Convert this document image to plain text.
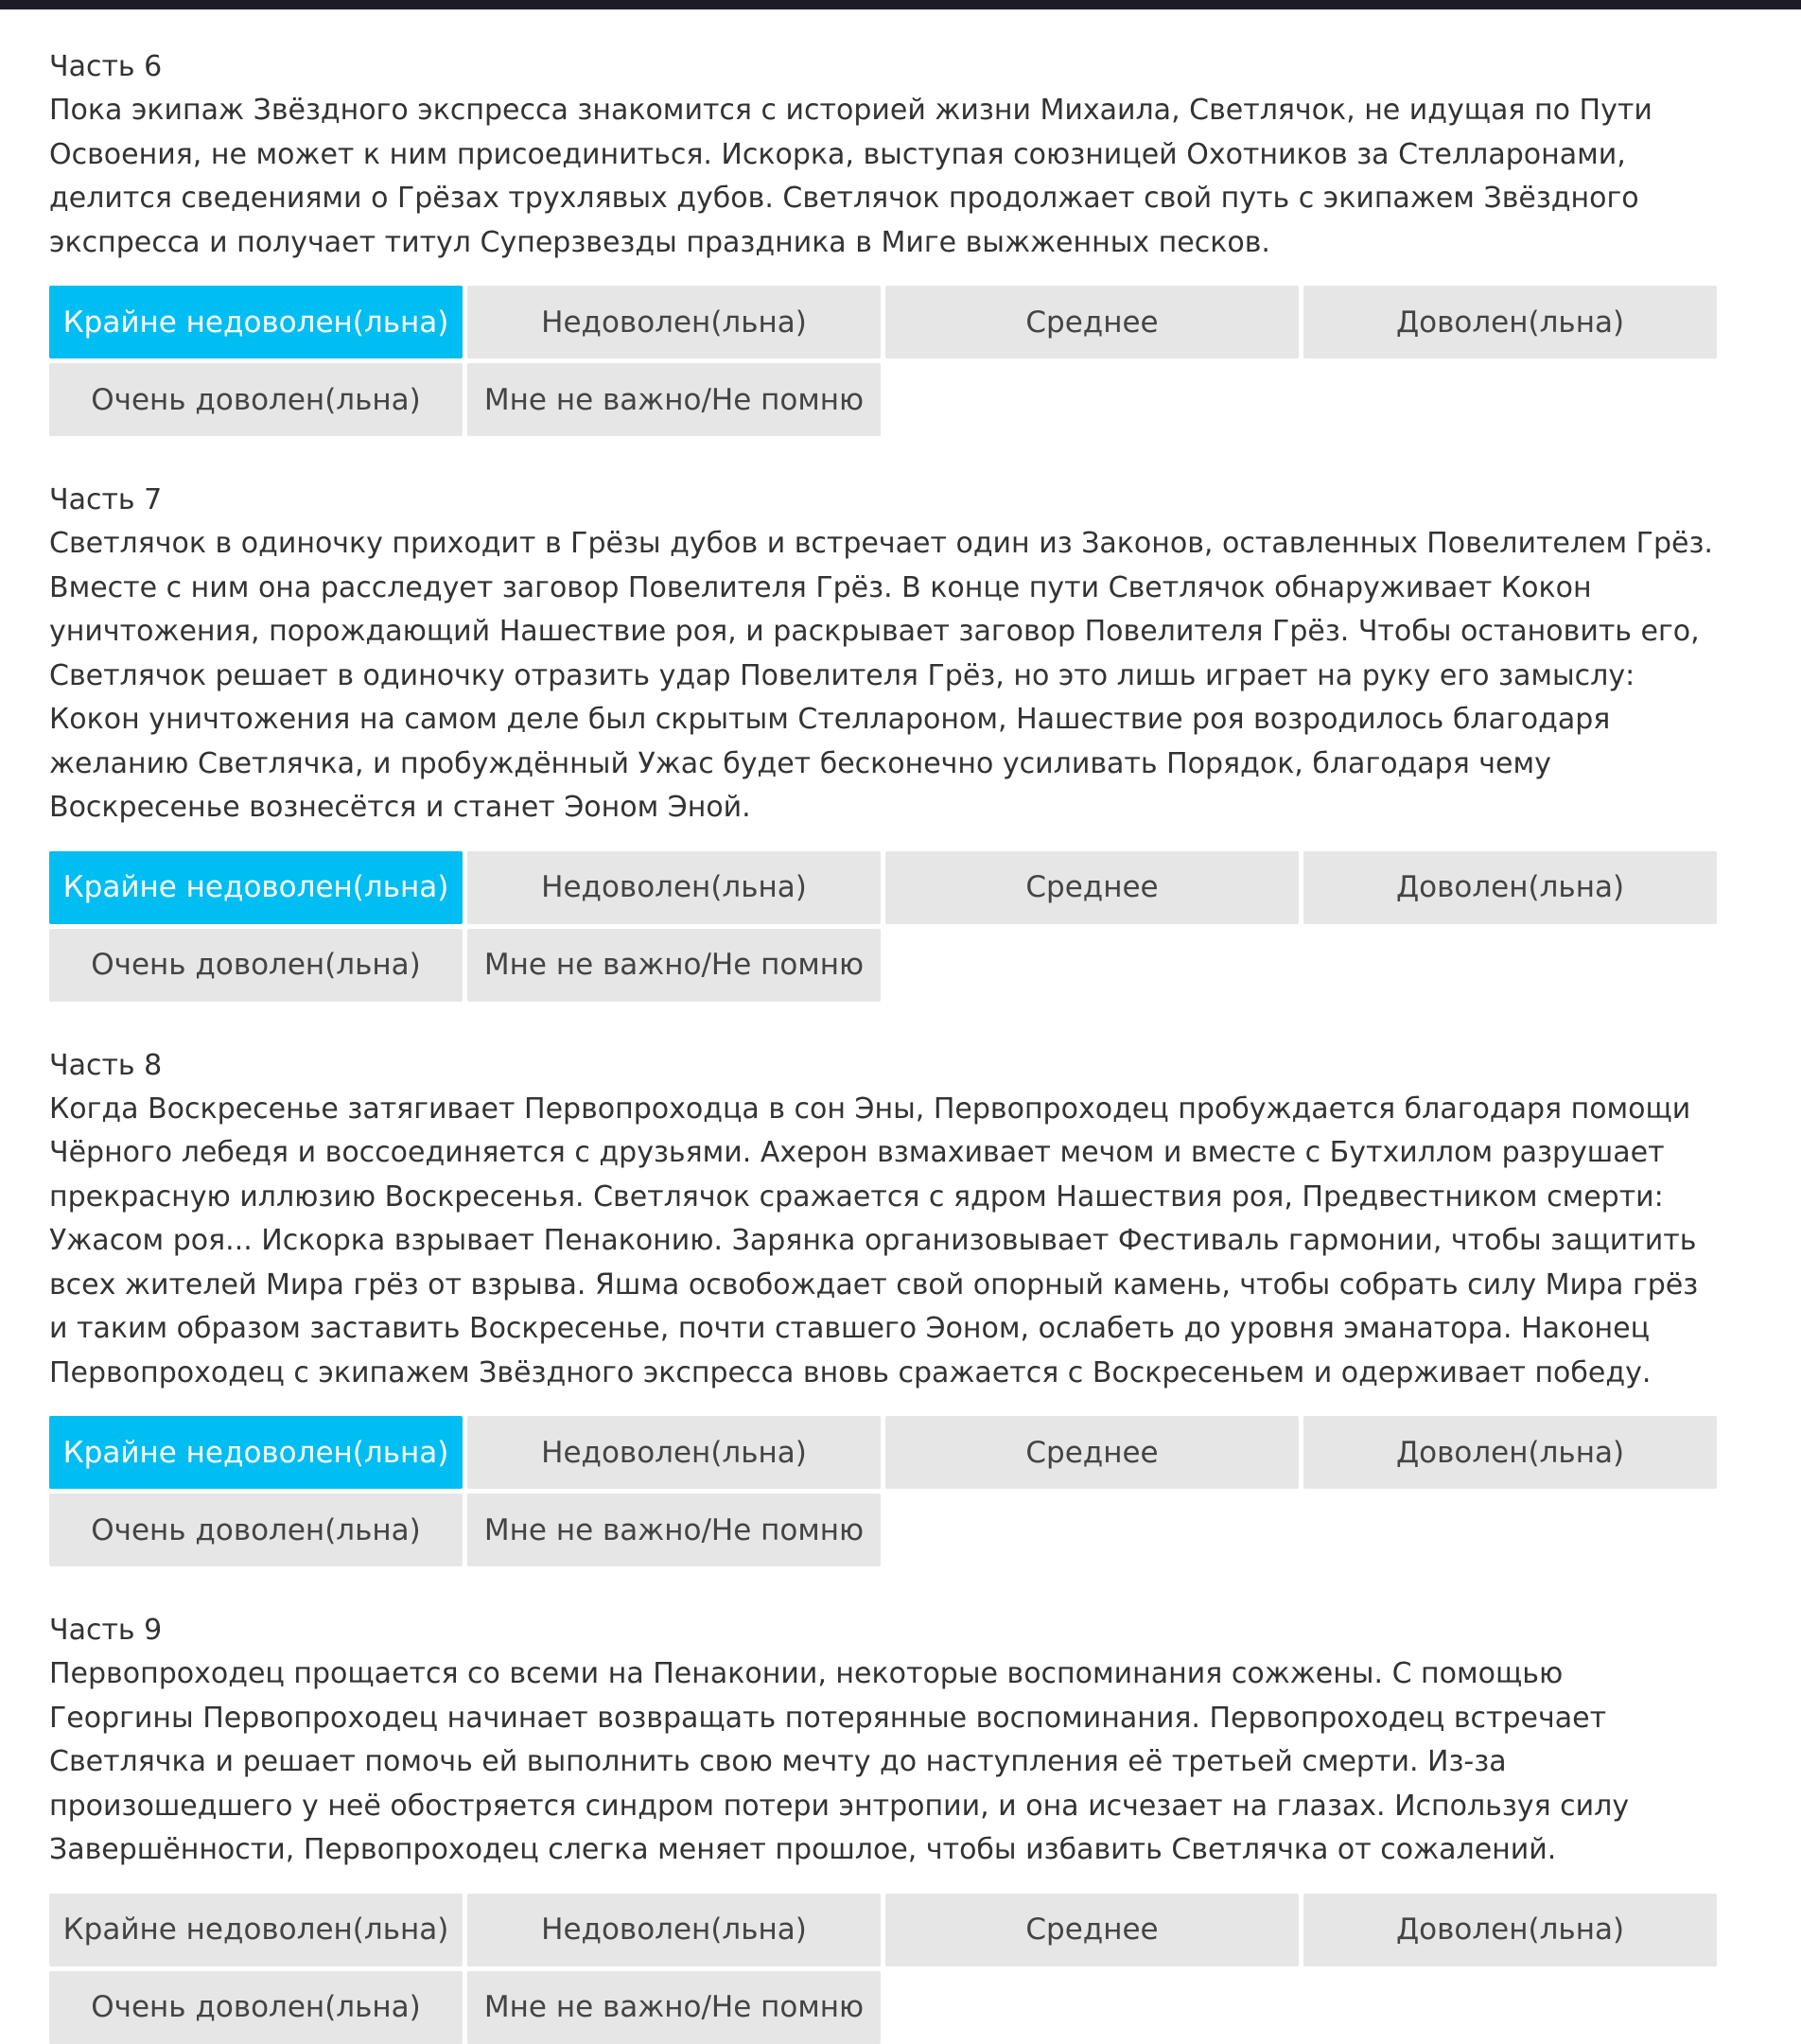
Часть 6

Пока экипаж Звёздного экспресса знакомится с историей жизни Михаила, Светлячок, не идущая по Пути Освоения, не может к ним присоединиться. Искорка, выступая союзницей Охотников за Стелларонами, делится сведениями о Грёзах трухлявых дубов. Светлячок продолжает свой путь с экипажем Звёздного экспресса и получает титул Суперзвезды праздника в Миге выжженных песков.

Крайне недоволен(льна)	Недоволен(льна)	Среднее	Доволен(льна)
Очень доволен(льна)	Мне не важно/Не помню
Часть 7

Светлячок в одиночку приходит в Грёзы дубов и встречает один из Законов, оставленных Повелителем Грёз. Вместе с ним она расследует заговор Повелителя Грёз. В конце пути Светлячок обнаруживает Кокон уничтожения, порождающий Нашествие роя, и раскрывает заговор Повелителя Грёз. Чтобы остановить его, Светлячок решает в одиночку отразить удар Повелителя Грёз, но это лишь играет на руку его замыслу: Кокон уничтожения на самом деле был скрытым Стеллароном, Нашествие роя возродилось благодаря желанию Светлячка, и пробуждённый Ужас будет бесконечно усиливать Порядок, благодаря чему Воскресенье вознесётся и станет Эоном Эной.

Крайне недоволен(льна)	Недоволен(льна)	Среднее	Доволен(льна)
Очень доволен(льна)	Мне не важно/Не помню
Часть 8

Когда Воскресенье затягивает Первопроходца в сон Эны, Первопроходец пробуждается благодаря помощи Чёрного лебедя и воссоединяется с друзьями. Ахерон взмахивает мечом и вместе с Бутхиллом разрушает прекрасную иллюзию Воскресенья. Светлячок сражается с ядром Нашествия роя, Предвестником смерти: Ужасом роя... Искорка взрывает Пенаконию. Зарянка организовывает Фестиваль гармонии, чтобы защитить всех жителей Мира грёз от взрыва. Яшма освобождает свой опорный камень, чтобы собрать силу Мира грёз и таким образом заставить Воскресенье, почти ставшего Эоном, ослабеть до уровня эманатора. Наконец Первопроходец с экипажем Звёздного экспресса вновь сражается с Воскресеньем и одерживает победу.

Крайне недоволен(льна)	Недоволен(льна)	Среднее	Доволен(льна)
Очень доволен(льна)	Мне не важно/Не помню
Часть 9

Первопроходец прощается со всеми на Пенаконии, некоторые воспоминания сожжены. С помощью Георгины Первопроходец начинает возвращать потерянные воспоминания. Первопроходец встречает Светлячка и решает помочь ей выполнить свою мечту до наступления её третьей смерти. Из-за произошедшего у неё обостряется синдром потери энтропии, и она исчезает на глазах. Используя силу Завершённости, Первопроходец слегка меняет прошлое, чтобы избавить Светлячка от сожалений.

Крайне недоволен(льна)	Недоволен(льна)	Среднее	Доволен(льна)
Очень доволен(льна)	Мне не важно/Не помню
